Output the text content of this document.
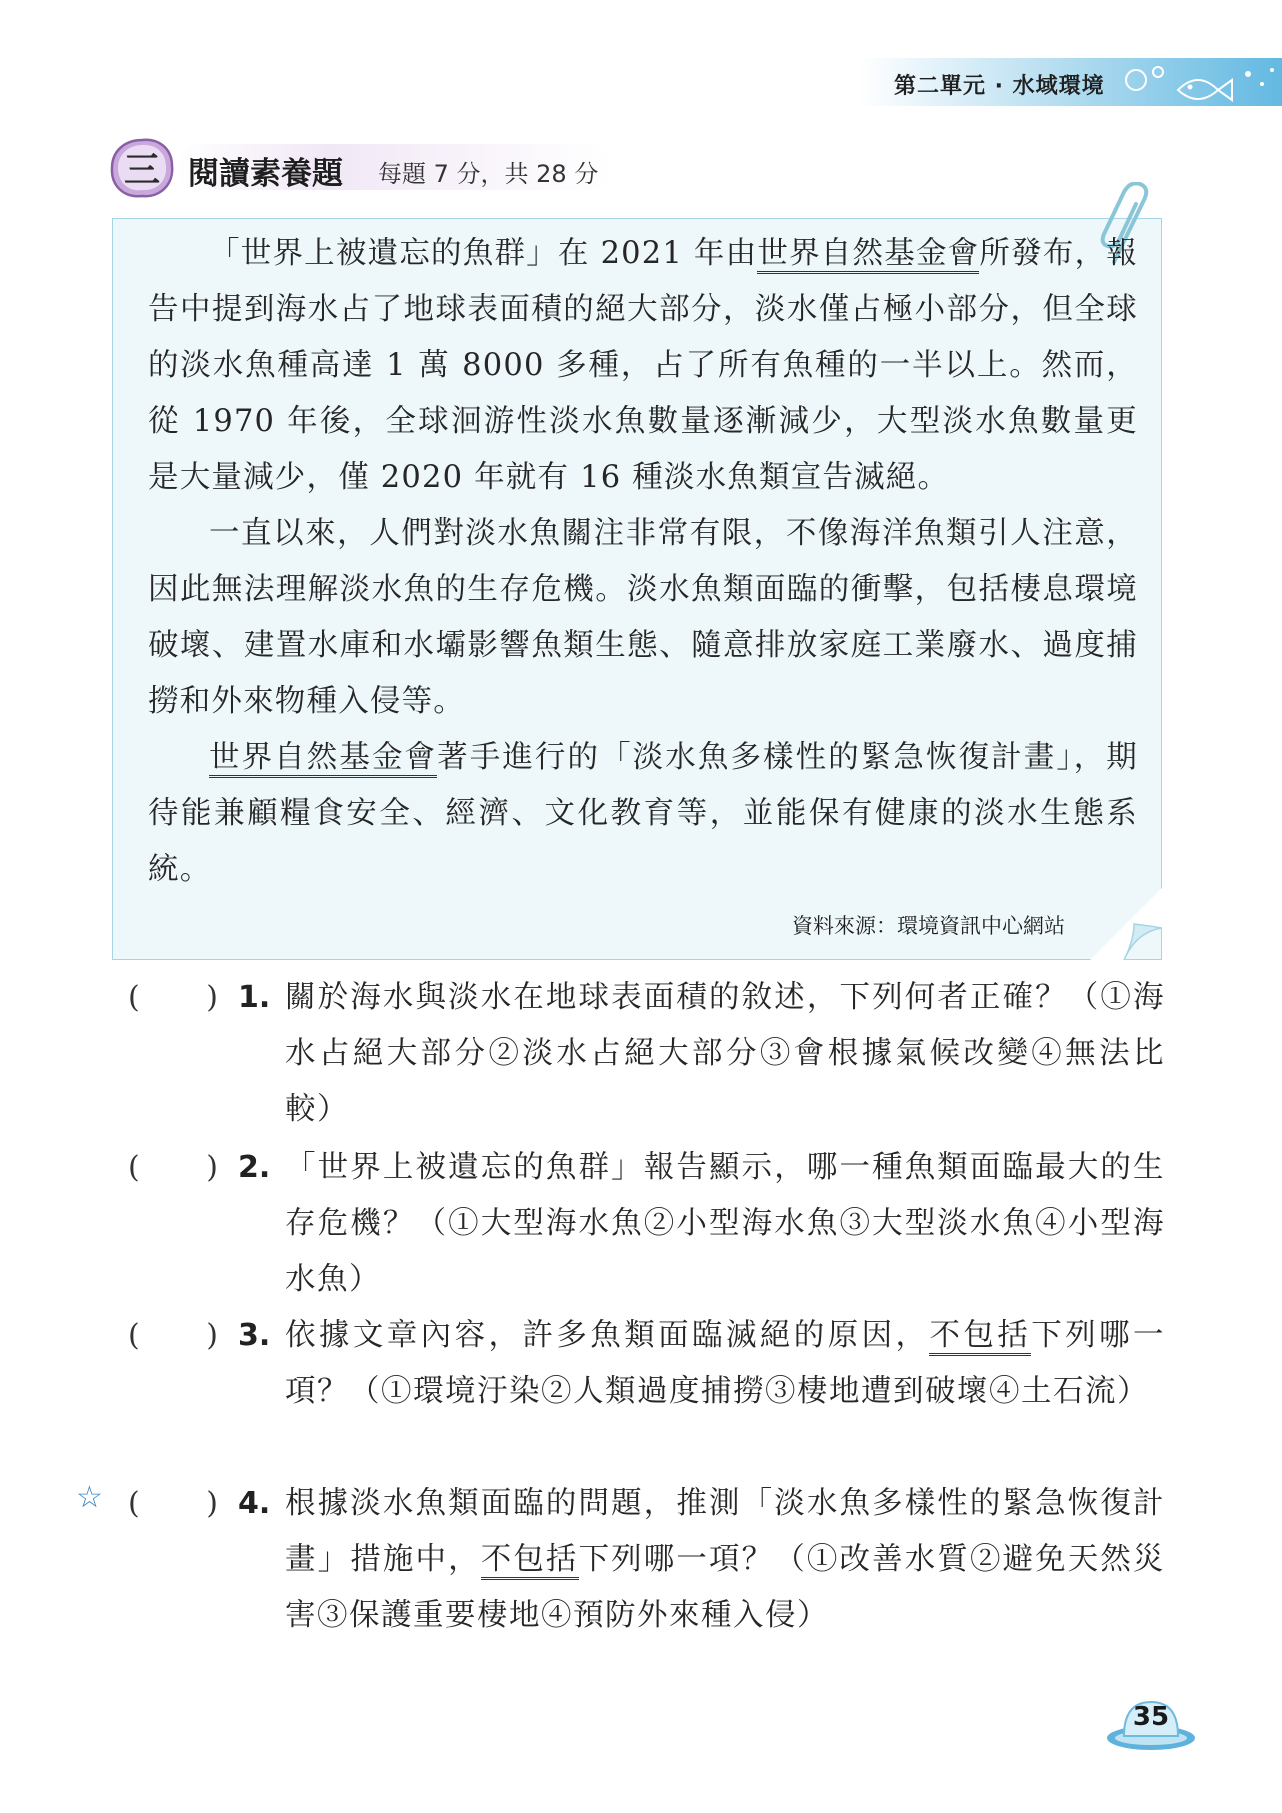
第二單元 · 水域環境
三 閱讀素養題 每題 7 分，共 28 分

「世界上被遺忘的魚群」在 2021 年由世界自然基金會所發布，報告中提到海水占了地球表面積的絕大部分，淡水僅占極小部分，但全球的淡水魚種高達 1 萬 8000 多種，占了所有魚種的一半以上。然而，從 1970 年後，全球洄游性淡水魚數量逐漸減少，大型淡水魚數量更是大量減少，僅 2020 年就有 16 種淡水魚類宣告滅絕。

一直以來，人們對淡水魚關注非常有限，不像海洋魚類引人注意，因此無法理解淡水魚的生存危機。淡水魚類面臨的衝擊，包括棲息環境破壞、建置水庫和水壩影響魚類生態、隨意排放家庭工業廢水、過度捕撈和外來物種入侵等。

世界自然基金會著手進行的「淡水魚多樣性的緊急恢復計畫」，期待能兼顧糧食安全、經濟、文化教育等，並能保有健康的淡水生態系統。

資料來源：環境資訊中心網站
( ) 1. 關於海水與淡水在地球表面積的敘述，下列何者正確？（①海水占絕大部分②淡水占絕大部分③會根據氣候改變④無法比較）
( ) 2. 「世界上被遺忘的魚群」報告顯示，哪一種魚類面臨最大的生存危機？（①大型海水魚②小型海水魚③大型淡水魚④小型海水魚）
( ) 3. 依據文章內容，許多魚類面臨滅絕的原因，不包括下列哪一項？（①環境汙染②人類過度捕撈③棲地遭到破壞④土石流）
☆ ( ) 4. 根據淡水魚類面臨的問題，推測「淡水魚多樣性的緊急恢復計畫」措施中，不包括下列哪一項？（①改善水質②避免天然災害③保護重要棲地④預防外來種入侵）
35
